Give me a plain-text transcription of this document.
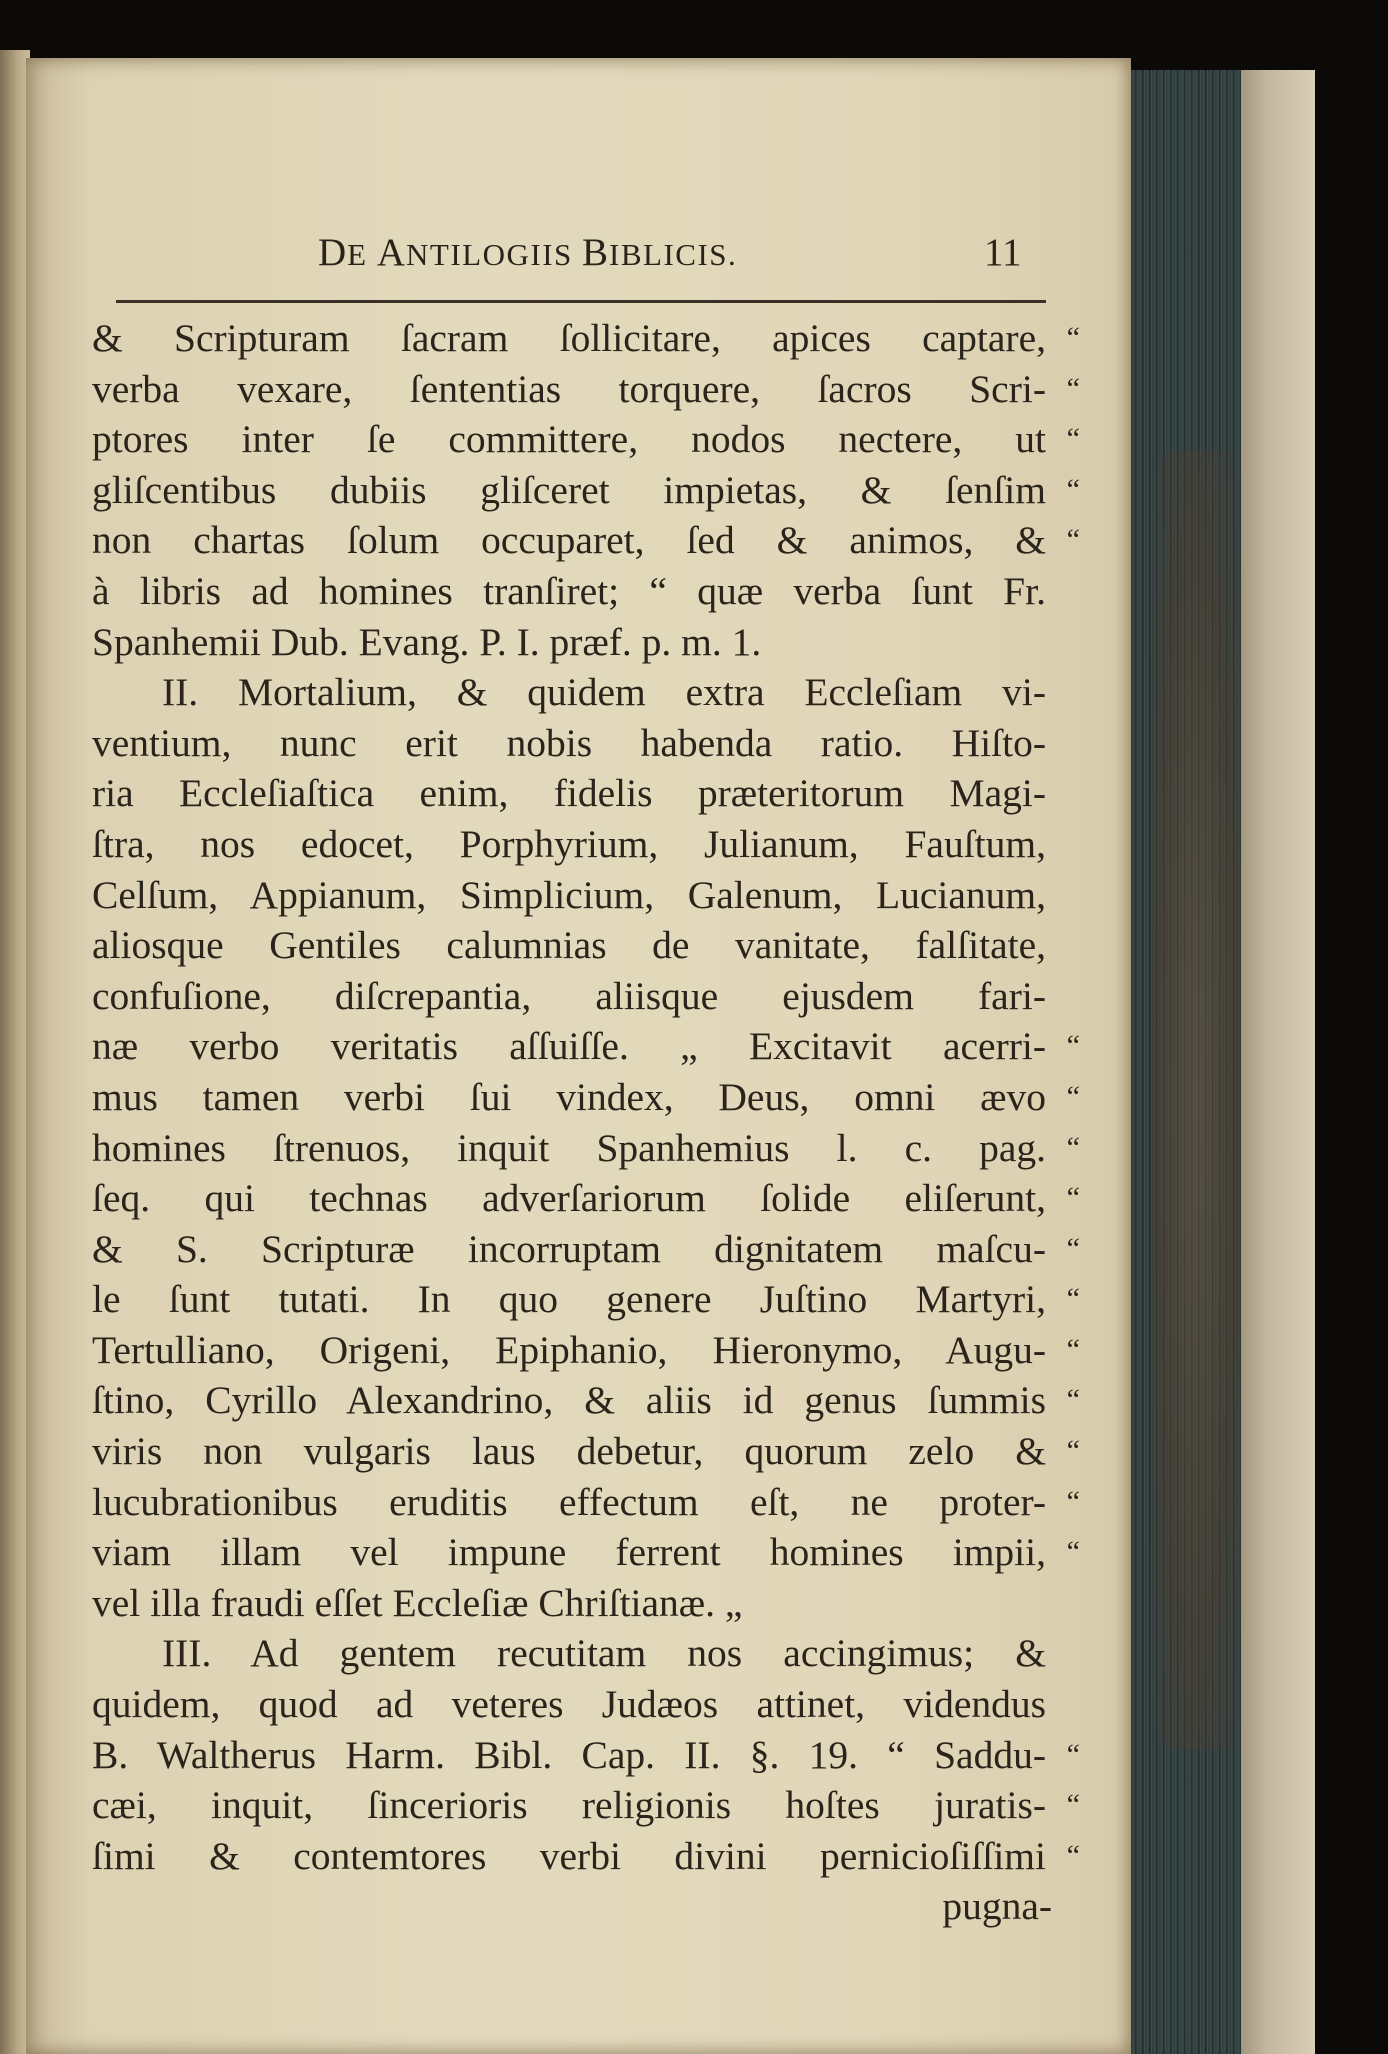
DE ANTILOGIIS BIBLICIS.	11
& Scripturam ſacram ſollicitare, apices captare, “
verba vexare, ſententias torquere, ſacros Scri- “
ptores inter ſe committere, nodos nectere, ut “
gliſcentibus dubiis gliſceret impietas, & ſenſim “
non chartas ſolum occuparet, ſed & animos, & “
à libris ad homines tranſiret; “ quæ verba ſunt Fr.
Spanhemii Dub. Evang. P. I. præf. p. m. 1.
II. Mortalium, & quidem extra Eccleſiam vi-
ventium, nunc erit nobis habenda ratio. Hiſto-
ria Eccleſiaſtica enim, fidelis præteritorum Magi-
ſtra, nos edocet, Porphyrium, Julianum, Fauſtum,
Celſum, Appianum, Simplicium, Galenum, Lucianum,
aliosque Gentiles calumnias de vanitate, falſitate,
confuſione, diſcrepantia, aliisque ejusdem fari-
næ verbo veritatis aſſuiſſe. „ Excitavit acerri- “
mus tamen verbi ſui vindex, Deus, omni ævo “
homines ſtrenuos, inquit Spanhemius l. c. pag. “
ſeq. qui technas adverſariorum ſolide eliſerunt, “
& S. Scripturæ incorruptam dignitatem maſcu- “
le ſunt tutati. In quo genere Juſtino Martyri, “
Tertulliano, Origeni, Epiphanio, Hieronymo, Augu- “
ſtino, Cyrillo Alexandrino, & aliis id genus ſummis “
viris non vulgaris laus debetur, quorum zelo & “
lucubrationibus eruditis effectum eſt, ne proter- “
viam illam vel impune ferrent homines impii, “
vel illa fraudi eſſet Eccleſiæ Chriſtianæ. „
III. Ad gentem recutitam nos accingimus; &
quidem, quod ad veteres Judæos attinet, videndus
B. Waltherus Harm. Bibl. Cap. II. §. 19. “ Saddu- “
cæi, inquit, ſincerioris religionis hoſtes juratis- “
ſimi & contemtores verbi divini pernicioſiſſimi “
pugna-
